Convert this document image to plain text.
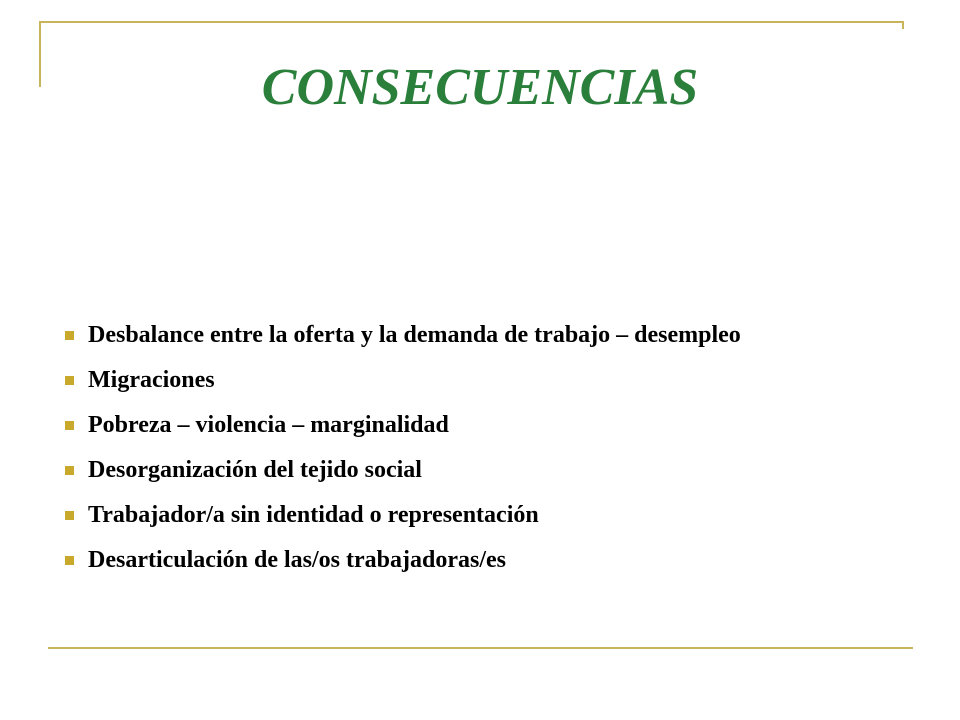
CONSECUENCIAS
Desbalance entre la oferta y la demanda de trabajo – desempleo
Migraciones
Pobreza – violencia – marginalidad
Desorganización del tejido social
Trabajador/a sin identidad o representación
Desarticulación de las/os trabajadoras/es
